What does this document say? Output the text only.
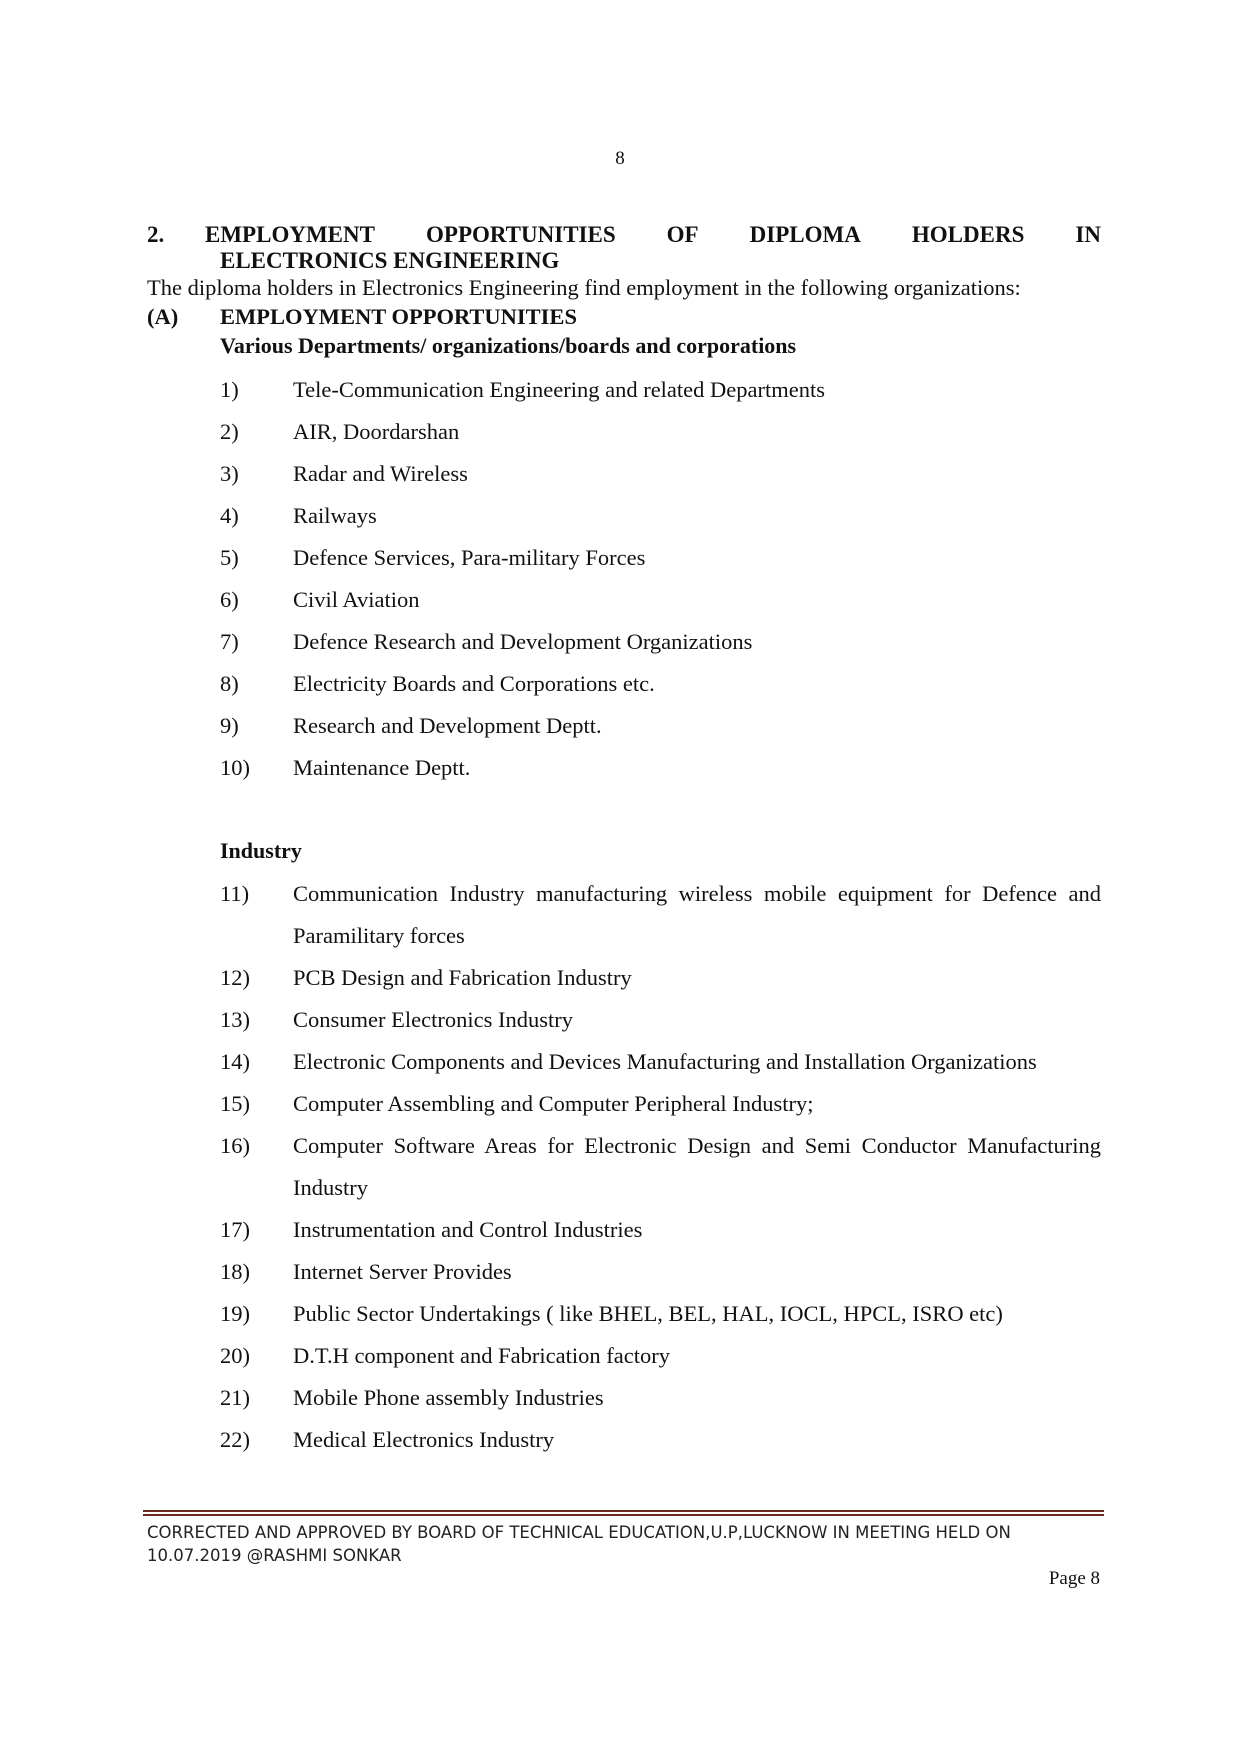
8
2.	EMPLOYMENT OPPORTUNITIES OF DIPLOMA HOLDERS IN
ELECTRONICS ENGINEERING
The diploma holders in Electronics Engineering find employment in the following organizations:
(A) EMPLOYMENT OPPORTUNITIES
Various Departments/ organizations/boards and corporations
1)	Tele-Communication Engineering and related Departments
2)	AIR, Doordarshan
3)	Radar and Wireless
4)	Railways
5)	Defence Services, Para-military Forces
6)	Civil Aviation
7)	Defence Research and Development Organizations
8)	Electricity Boards and Corporations etc.
9)	Research and Development Deptt.
10)	Maintenance Deptt.
Industry
11)	Communication Industry manufacturing wireless mobile equipment for Defence and Paramilitary forces
12)	PCB Design and Fabrication Industry
13)	Consumer Electronics Industry
14)	Electronic Components and Devices Manufacturing and Installation Organizations
15)	Computer Assembling and Computer Peripheral Industry;
16)	Computer Software Areas for Electronic Design and Semi Conductor Manufacturing Industry
17)	Instrumentation and Control Industries
18)	Internet Server Provides
19)	Public Sector Undertakings ( like BHEL, BEL, HAL, IOCL, HPCL, ISRO etc)
20)	D.T.H component and Fabrication factory
21)	Mobile Phone assembly Industries
22)	Medical Electronics Industry
CORRECTED AND APPROVED BY BOARD OF TECHNICAL EDUCATION,U.P,LUCKNOW IN MEETING HELD ON
10.07.2019 @RASHMI SONKAR
Page 8
